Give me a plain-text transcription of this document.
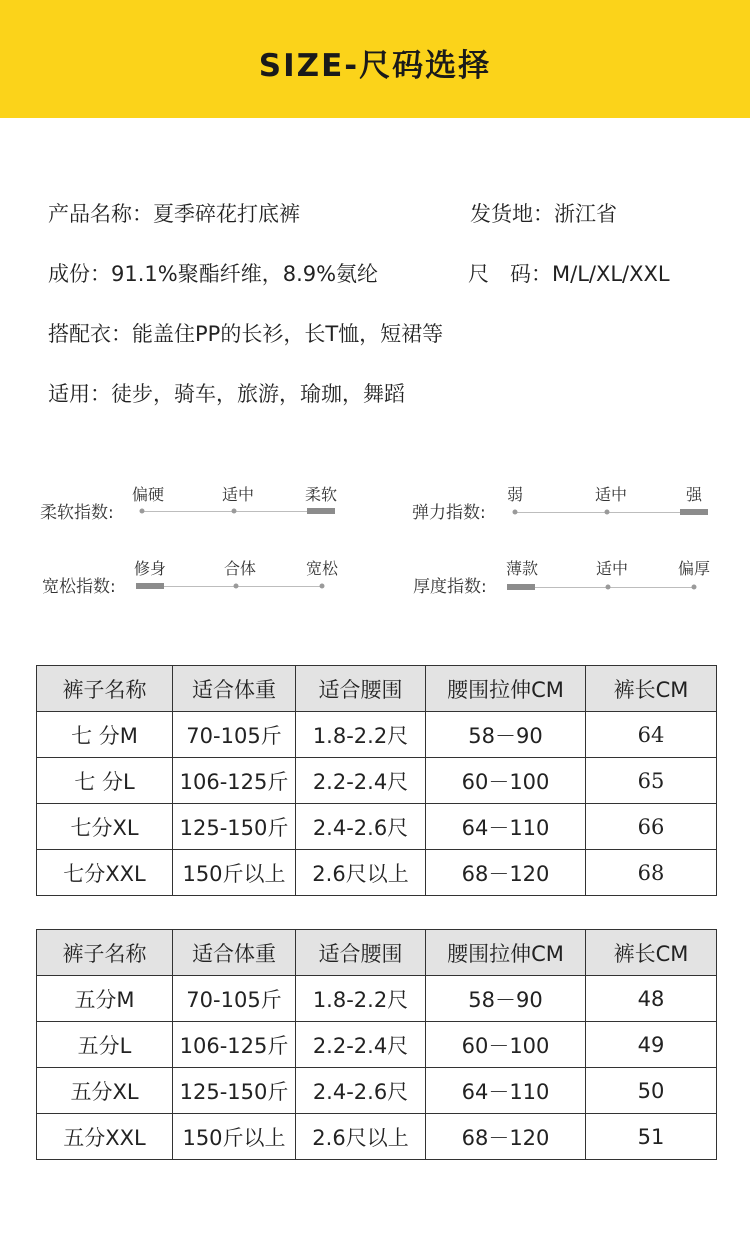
SIZE-尺码选择
产品名称：夏季碎花打底裤	发货地：浙江省
成份：91.1%聚酯纤维，8.9%氨纶	尺　码：M/L/XL/XXL
搭配衣：能盖住PP的长衫，长T恤，短裙等
适用：徒步，骑车，旅游，瑜珈，舞蹈
柔软指数:
偏硬	适中	柔软
弹力指数:
弱	适中	强
宽松指数:
修身	合体	宽松
厚度指数:
薄款	适中	偏厚
裤子名称	适合体重	适合腰围	腰围拉伸CM	裤长CM
七 分M	70-105斤	1.8-2.2尺	58－90	64
七 分L	106-125斤	2.2-2.4尺	60－100	65
七分XL	125-150斤	2.4-2.6尺	64－110	66
七分XXL	150斤以上	2.6尺以上	68－120	68
裤子名称	适合体重	适合腰围	腰围拉伸CM	裤长CM
五分M	70-105斤	1.8-2.2尺	58－90	48
五分L	106-125斤	2.2-2.4尺	60－100	49
五分XL	125-150斤	2.4-2.6尺	64－110	50
五分XXL	150斤以上	2.6尺以上	68－120	51
